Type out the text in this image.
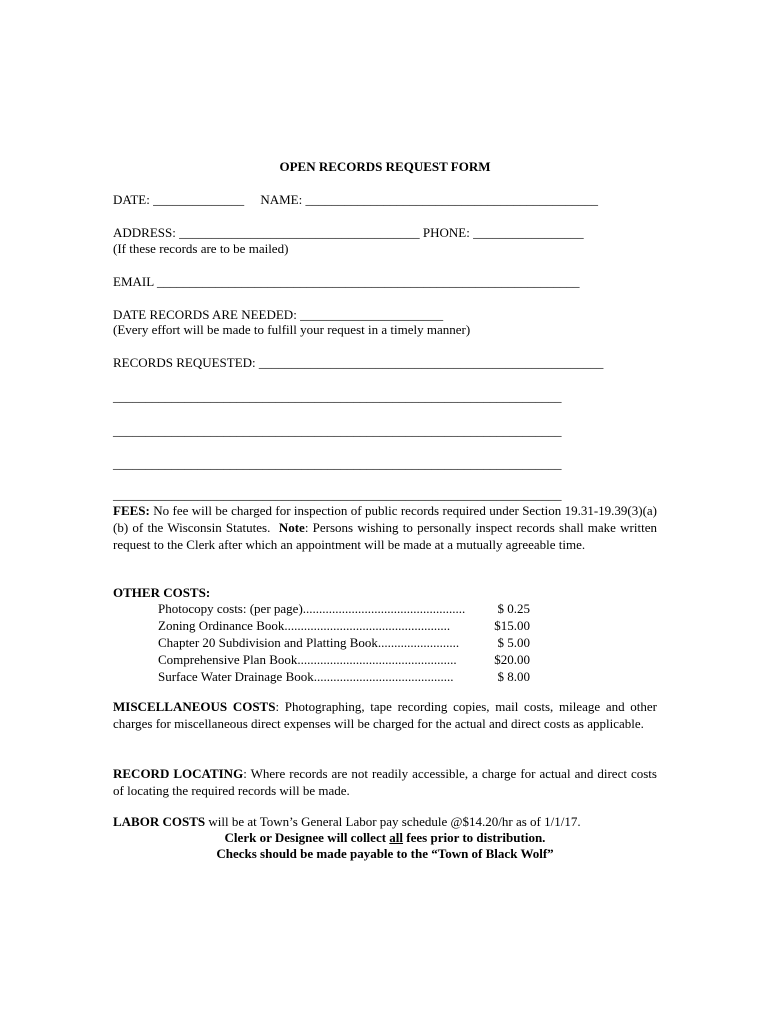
OPEN RECORDS REQUEST FORM
DATE: ______________ NAME: _____________________________________________
ADDRESS: _____________________________________ PHONE: _________________
(If these records are to be mailed)
EMAIL _________________________________________________________________
DATE RECORDS ARE NEEDED: ______________________
(Every effort will be made to fulfill your request in a timely manner)
RECORDS REQUESTED: _____________________________________________________
_____________________________________________________________________
_____________________________________________________________________
_____________________________________________________________________
_____________________________________________________________________
FEES: No fee will be charged for inspection of public records required under Section 19.31-19.39(3)(a)(b) of the Wisconsin Statutes. Note: Persons wishing to personally inspect records shall make written request to the Clerk after which an appointment will be made at a mutually agreeable time.
OTHER COSTS:
Photocopy costs: (per page).................................................. $ 0.25
Zoning Ordinance Book...................................................	$15.00
Chapter 20 Subdivision and Platting Book.........................	$ 5.00
Comprehensive Plan Book.................................................	$20.00
Surface Water Drainage Book...........................................	$ 8.00
MISCELLANEOUS COSTS: Photographing, tape recording copies, mail costs, mileage and other charges for miscellaneous direct expenses will be charged for the actual and direct costs as applicable.
RECORD LOCATING: Where records are not readily accessible, a charge for actual and direct costs of locating the required records will be made.
LABOR COSTS will be at Town’s General Labor pay schedule @$14.20/hr as of 1/1/17.
Clerk or Designee will collect all fees prior to distribution.
Checks should be made payable to the “Town of Black Wolf”
